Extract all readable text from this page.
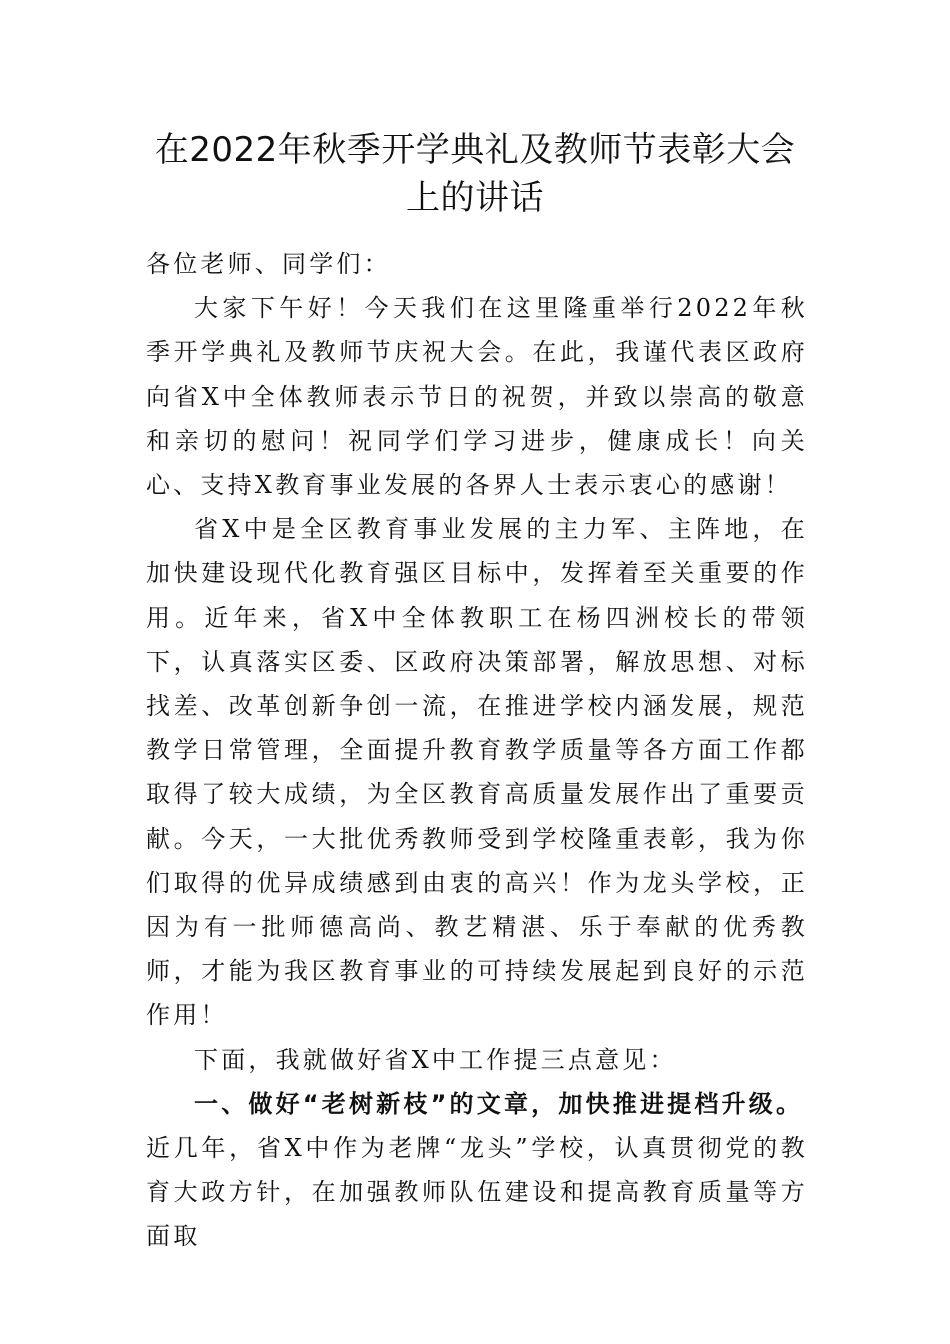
在2022年秋季开学典礼及教师节表彰大会
上的讲话

各位老师、同学们：

大家下午好！今天我们在这里隆重举行2022年秋季开学典礼及教师节庆祝大会。在此，我谨代表区政府向省X中全体教师表示节日的祝贺，并致以崇高的敬意和亲切的慰问！祝同学们学习进步，健康成长！向关心、支持X教育事业发展的各界人士表示衷心的感谢！

省X中是全区教育事业发展的主力军、主阵地，在加快建设现代化教育强区目标中，发挥着至关重要的作用。近年来，省X中全体教职工在杨四洲校长的带领下，认真落实区委、区政府决策部署，解放思想、对标找差、改革创新争创一流，在推进学校内涵发展，规范教学日常管理，全面提升教育教学质量等各方面工作都取得了较大成绩，为全区教育高质量发展作出了重要贡献。今天，一大批优秀教师受到学校隆重表彰，我为你们取得的优异成绩感到由衷的高兴！作为龙头学校，正因为有一批师德高尚、教艺精湛、乐于奉献的优秀教师，才能为我区教育事业的可持续发展起到良好的示范作用！

下面，我就做好省X中工作提三点意见：

一、做好“老树新枝”的文章，加快推进提档升级。

近几年，省X中作为老牌“龙头”学校，认真贯彻党的教育大政方针，在加强教师队伍建设和提高教育质量等方面取
